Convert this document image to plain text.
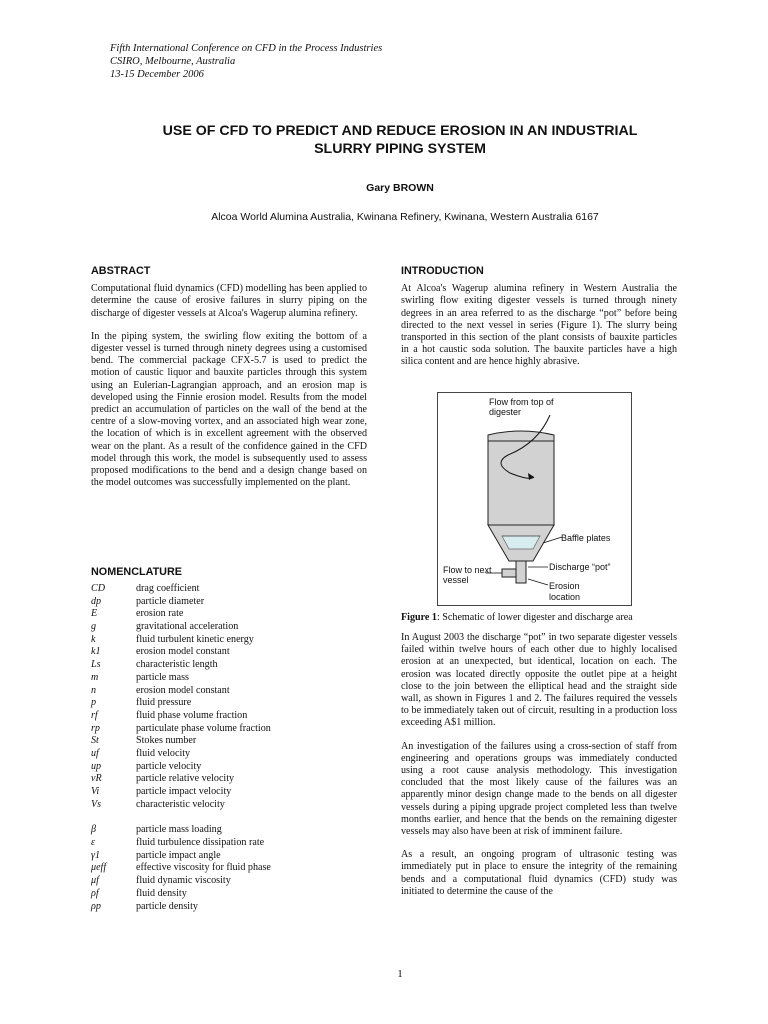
Fifth International Conference on CFD in the Process Industries
CSIRO, Melbourne, Australia
13-15 December 2006
USE OF CFD TO PREDICT AND REDUCE EROSION IN AN INDUSTRIAL
SLURRY PIPING SYSTEM
Gary BROWN
Alcoa World Alumina Australia, Kwinana Refinery, Kwinana, Western Australia 6167
ABSTRACT

Computational fluid dynamics (CFD) modelling has been applied to determine the cause of erosive failures in slurry piping on the discharge of digester vessels at Alcoa's Wagerup alumina refinery.

In the piping system, the swirling flow exiting the bottom of a digester vessel is turned through ninety degrees using a customised bend. The commercial package CFX-5.7 is used to predict the motion of caustic liquor and bauxite particles through this system using an Eulerian-Lagrangian approach, and an erosion map is developed using the Finnie erosion model. Results from the model predict an accumulation of particles on the wall of the bend at the centre of a slow-moving vortex, and an associated high wear zone, the location of which is in excellent agreement with the observed wear on the plant. As a result of the confidence gained in the CFD model through this work, the model is subsequently used to assess proposed modifications to the bend and a design change based on the model outcomes was successfully implemented on the plant.

NOMENCLATURE
CD	drag coefficient
dp	particle diameter
E	erosion rate
g	gravitational acceleration
k	fluid turbulent kinetic energy
k1	erosion model constant
Ls	characteristic length
m	particle mass
n	erosion model constant
p	fluid pressure
rf	fluid phase volume fraction
rp	particulate phase volume fraction
St	Stokes number
uf	fluid velocity
up	particle velocity
vR	particle relative velocity
Vi	particle impact velocity
Vs	characteristic velocity
β	particle mass loading
ε	fluid turbulence dissipation rate
γ1	particle impact angle
μeff	effective viscosity for fluid phase
μf	fluid dynamic viscosity
ρf	fluid density
ρp	particle density
INTRODUCTION

At Alcoa's Wagerup alumina refinery in Western Australia the swirling flow exiting digester vessels is turned through ninety degrees in an area referred to as the discharge “pot” before being directed to the next vessel in series (Figure 1). The slurry being transported in this section of the plant consists of bauxite particles in a hot caustic soda solution. The bauxite particles have a high silica content and are hence highly abrasive.

Flow from top of
digester
Baffle plates
Flow to next
vessel
Discharge “pot”
Erosion
location
Figure 1: Schematic of lower digester and discharge area

In August 2003 the discharge “pot” in two separate digester vessels failed within twelve hours of each other due to highly localised erosion at an unexpected, but identical, location on each. The erosion was located directly opposite the outlet pipe at a height close to the join between the elliptical head and the straight side wall, as shown in Figures 1 and 2. The failures required the vessels to be immediately taken out of circuit, resulting in a production loss exceeding A$1 million.

An investigation of the failures using a cross-section of staff from engineering and operations groups was immediately conducted using a root cause analysis methodology. This investigation concluded that the most likely cause of the failures was an apparently minor design change made to the bends on all digester vessels during a piping upgrade project completed less than twelve months earlier, and hence that the bends on the remaining digester vessels may also have been at risk of imminent failure.

As a result, an ongoing program of ultrasonic testing was immediately put in place to ensure the integrity of the remaining bends and a computational fluid dynamics (CFD) study was initiated to determine the cause of the

1
